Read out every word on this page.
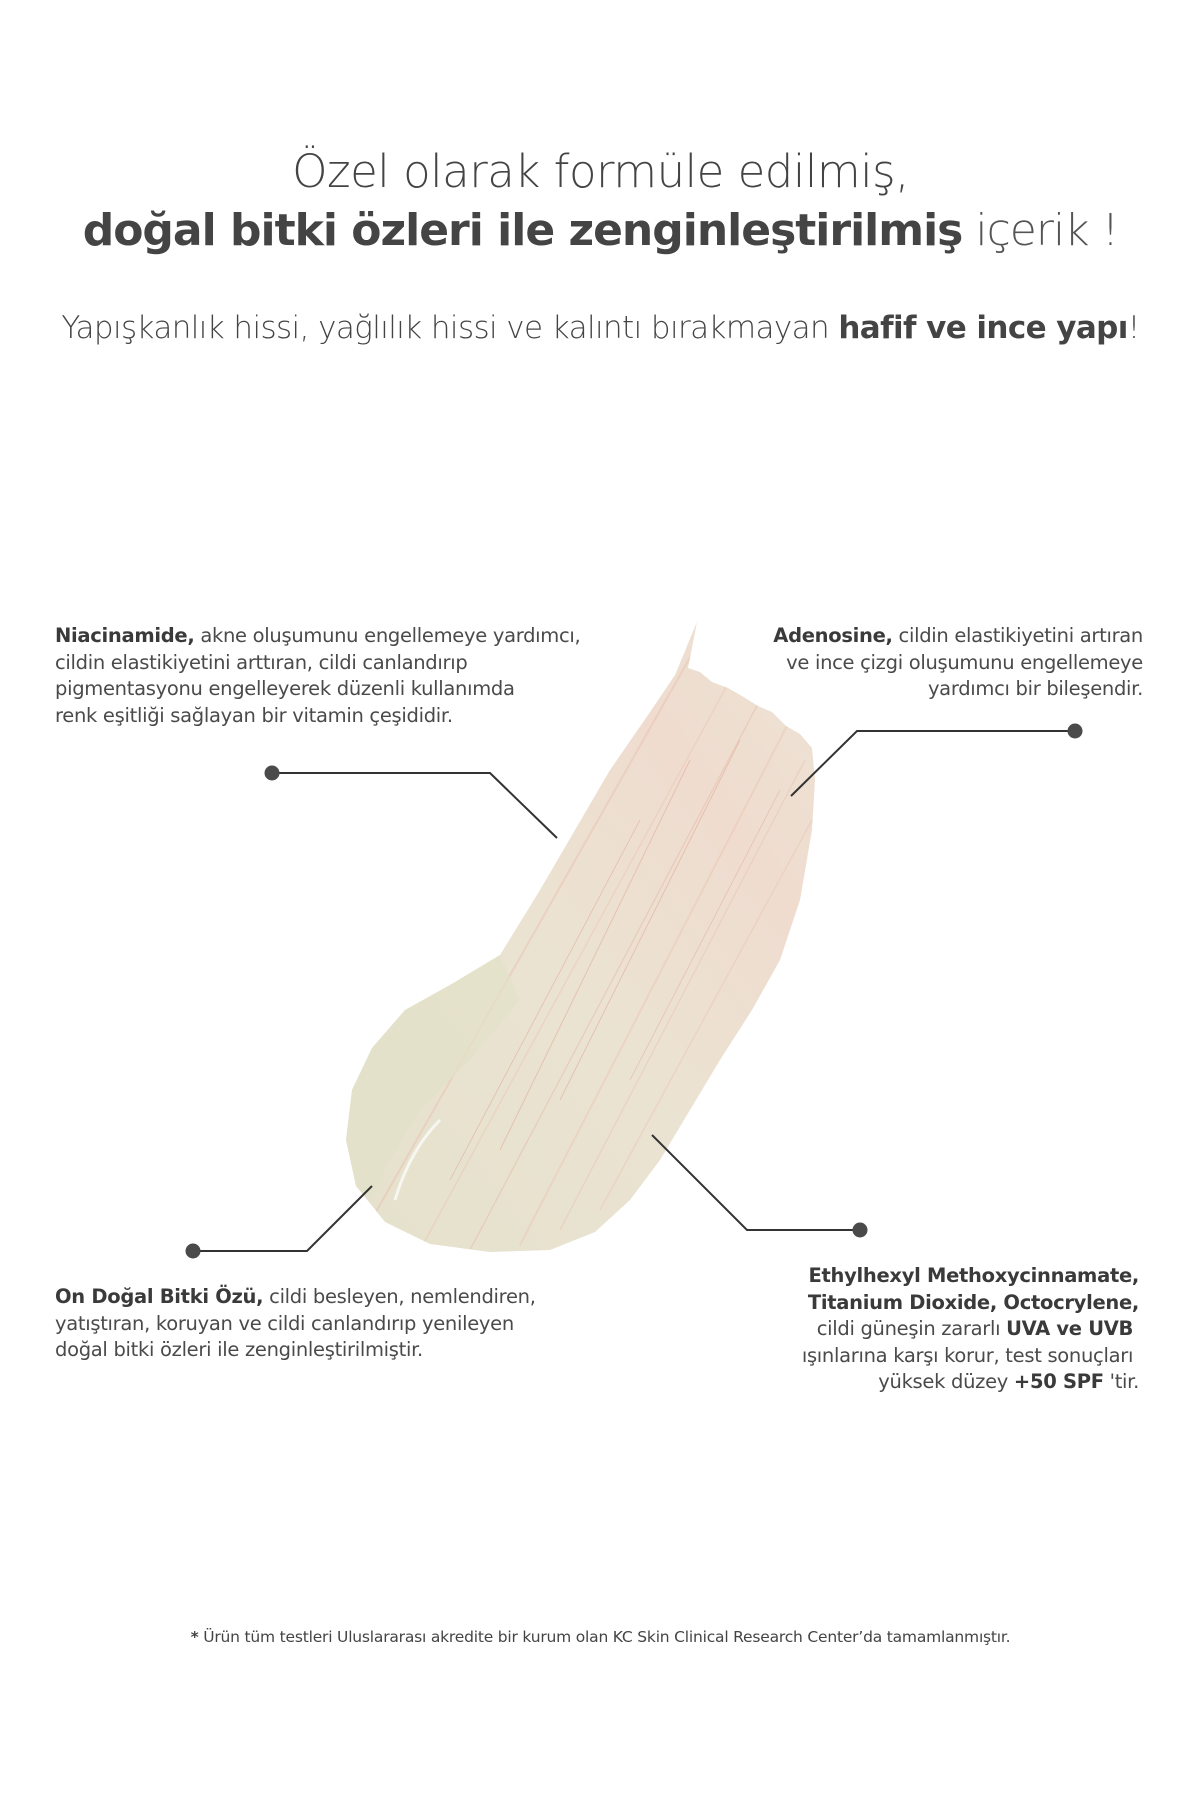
Özel olarak formüle edilmiş,
doğal bitki özleri ile zenginleştirilmiş içerik !
Yapışkanlık hissi, yağlılık hissi ve kalıntı bırakmayan hafif ve ince yapı!
Niacinamide, akne oluşumunu engellemeye yardımcı,
cildin elastikiyetini arttıran, cildi canlandırıp
pigmentasyonu engelleyerek düzenli kullanımda
renk eşitliği sağlayan bir vitamin çeşididir.
Adenosine, cildin elastikiyetini artıran
ve ince çizgi oluşumunu engellemeye
yardımcı bir bileşendir.
On Doğal Bitki Özü, cildi besleyen, nemlendiren,
yatıştıran, koruyan ve cildi canlandırıp yenileyen
doğal bitki özleri ile zenginleştirilmiştir.
Ethylhexyl Methoxycinnamate,
Titanium Dioxide, Octocrylene,
cildi güneşin zararlı UVA ve UVB
ışınlarına karşı korur, test sonuçları
yüksek düzey +50 SPF 'tir.
* Ürün tüm testleri Uluslararası akredite bir kurum olan KC Skin Clinical Research Center’da tamamlanmıştır.
